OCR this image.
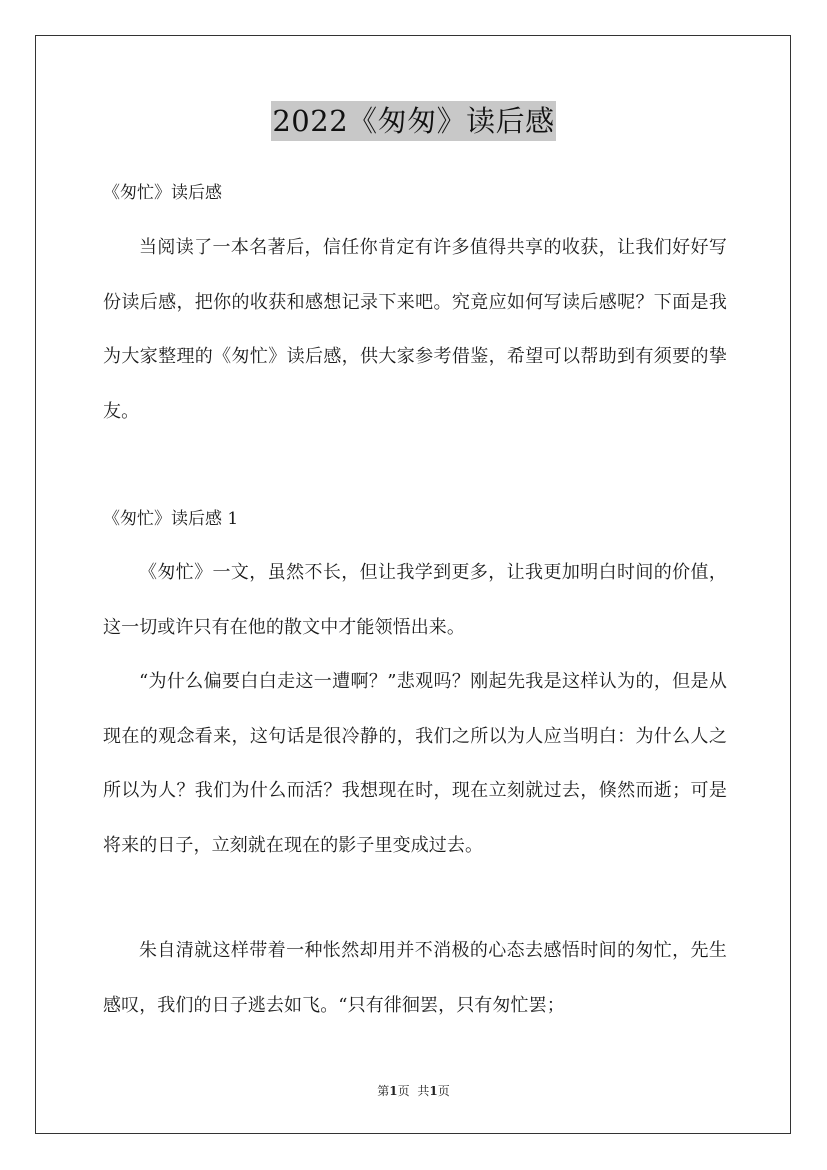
2022《匆匆》读后感
《匆忙》读后感

当阅读了一本名著后，信任你肯定有许多值得共享的收获，让我们好好写份读后感，把你的收获和感想记录下来吧。究竟应如何写读后感呢？下面是我为大家整理的《匆忙》读后感，供大家参考借鉴，希望可以帮助到有须要的挚友。

《匆忙》读后感 1

《匆忙》一文，虽然不长，但让我学到更多，让我更加明白时间的价值，这一切或许只有在他的散文中才能领悟出来。

“为什么偏要白白走这一遭啊？”悲观吗？刚起先我是这样认为的，但是从现在的观念看来，这句话是很冷静的，我们之所以为人应当明白：为什么人之所以为人？我们为什么而活？我想现在时，现在立刻就过去，倏然而逝；可是将来的日子，立刻就在现在的影子里变成过去。

朱自清就这样带着一种怅然却用并不消极的心态去感悟时间的匆忙，先生感叹，我们的日子逃去如飞。“只有徘徊罢，只有匆忙罢；

第1页 共1页
